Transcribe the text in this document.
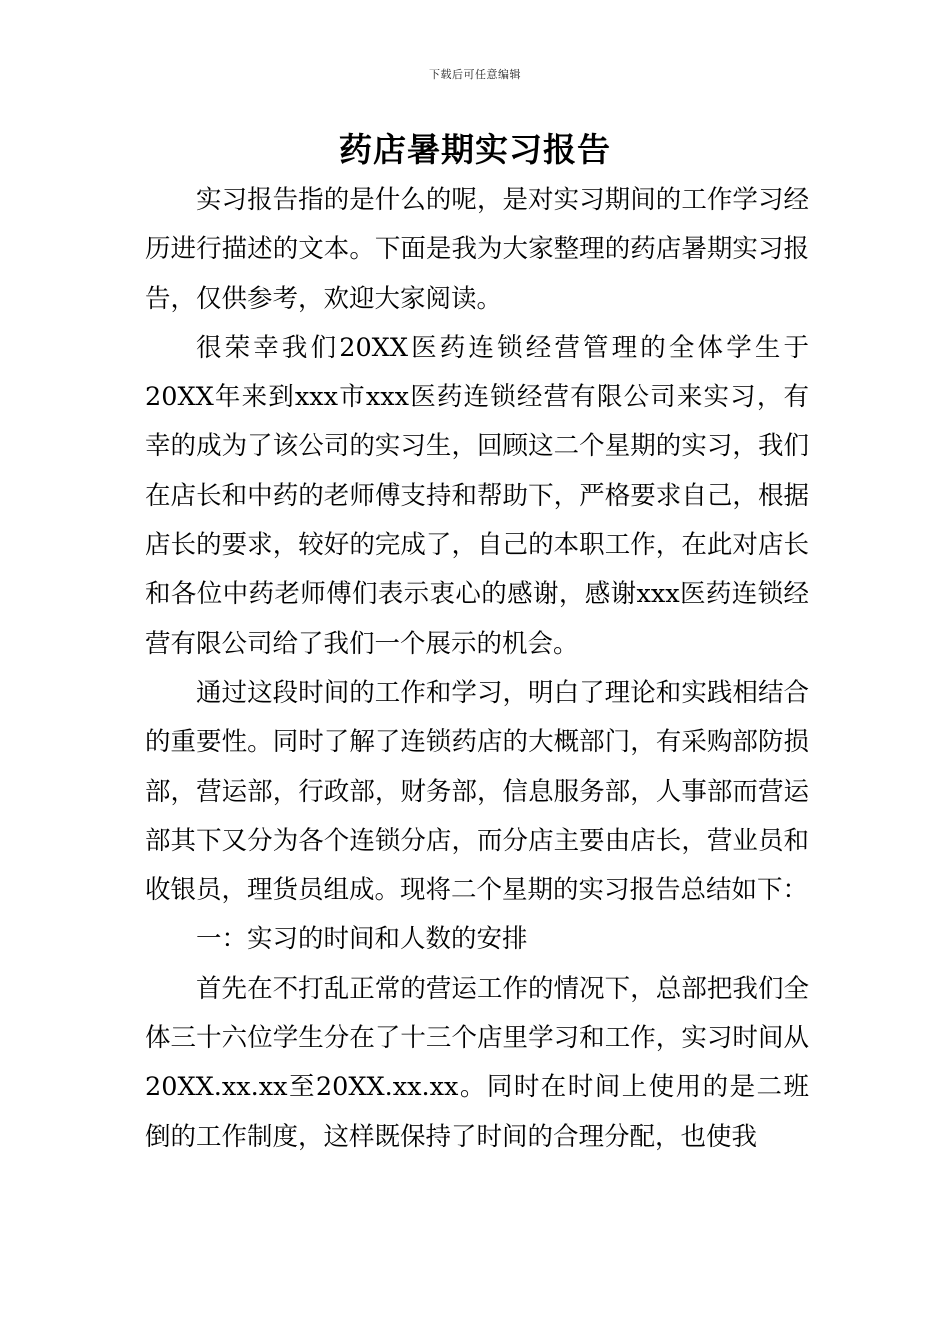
下载后可任意编辑
药店暑期实习报告

实习报告指的是什么的呢，是对实习期间的工作学习经历进行描述的文本。下面是我为大家整理的药店暑期实习报告，仅供参考，欢迎大家阅读。

很荣幸我们20XX医药连锁经营管理的全体学生于20XX年来到xxx市xxx医药连锁经营有限公司来实习，有幸的成为了该公司的实习生，回顾这二个星期的实习，我们在店长和中药的老师傅支持和帮助下，严格要求自己，根据店长的要求，较好的完成了，自己的本职工作，在此对店长和各位中药老师傅们表示衷心的感谢，感谢xxx医药连锁经营有限公司给了我们一个展示的机会。

通过这段时间的工作和学习，明白了理论和实践相结合的重要性。同时了解了连锁药店的大概部门，有采购部防损部，营运部，行政部，财务部，信息服务部，人事部而营运部其下又分为各个连锁分店，而分店主要由店长，营业员和收银员，理货员组成。现将二个星期的实习报告总结如下：

一：实习的时间和人数的安排

首先在不打乱正常的营运工作的情况下，总部把我们全体三十六位学生分在了十三个店里学习和工作，实习时间从20XX.xx.xx至20XX.xx.xx。同时在时间上使用的是二班倒的工作制度，这样既保持了时间的合理分配，也使我
